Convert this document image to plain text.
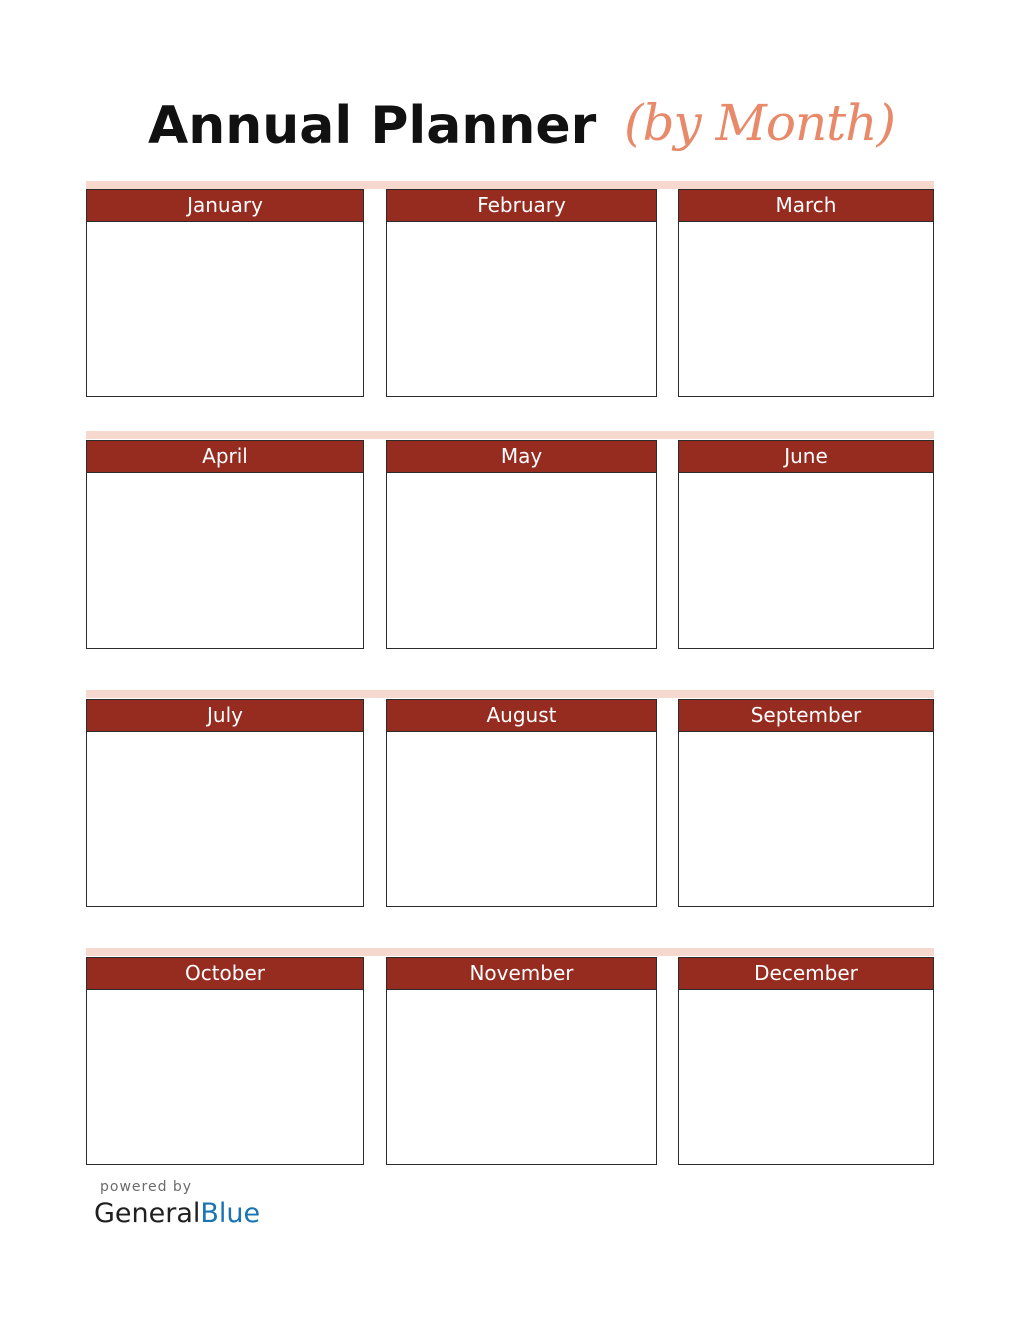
Annual Planner (by Month)
January	February	March
April	May	June
July	August	September
October	November	December
powered by
GeneralBlue
